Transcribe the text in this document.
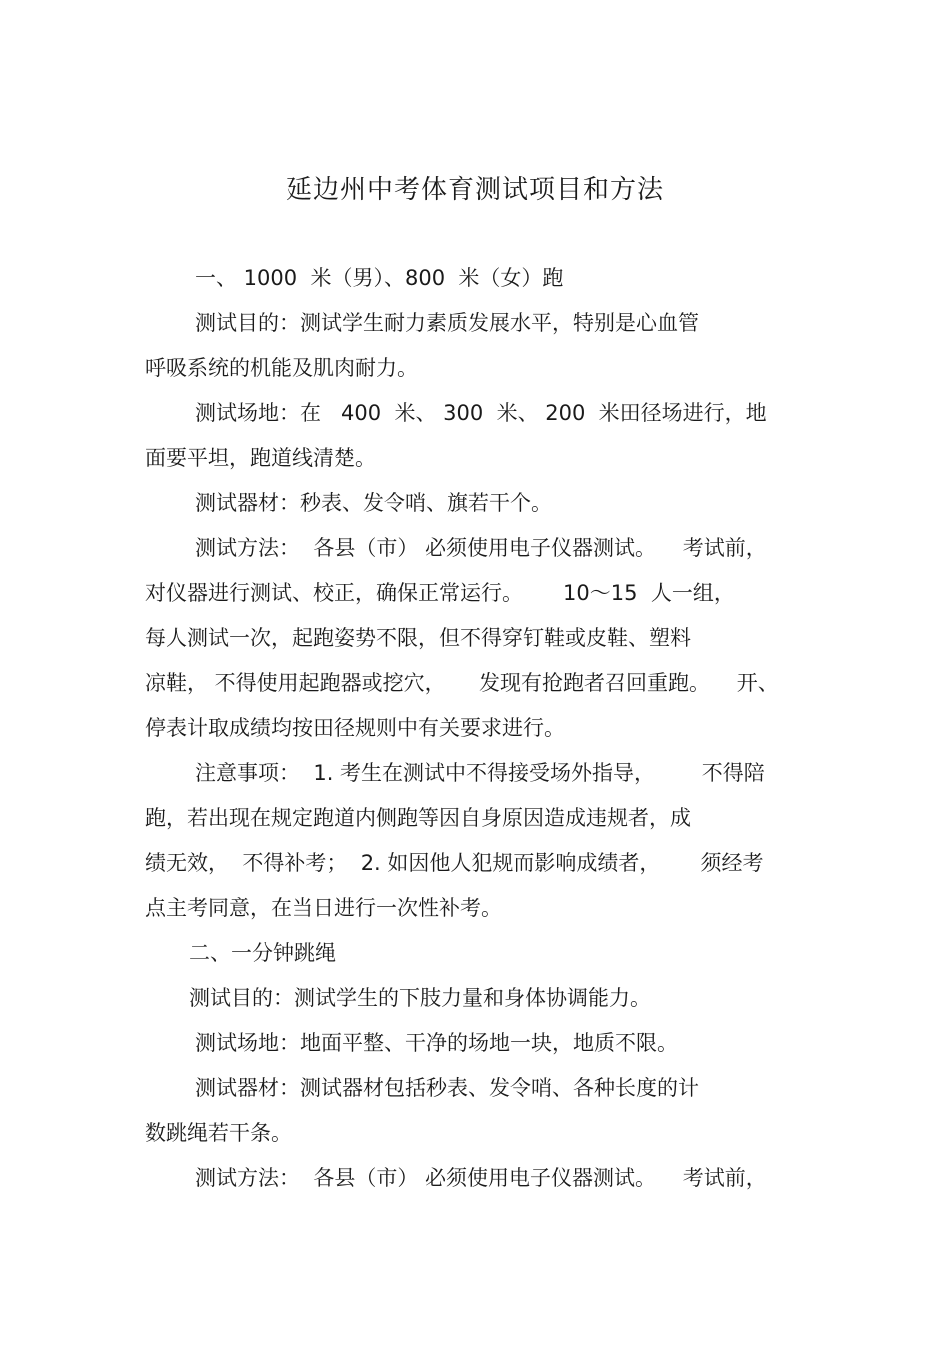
延边州中考体育测试项目和方法
一、 1000  米（男）、800  米（女）跑
测试目的：测试学生耐力素质发展水平，特别是心血管
呼吸系统的机能及肌肉耐力。
测试场地：在   400  米、 300  米、 200  米田径场进行，地
面要平坦，跑道线清楚。
测试器材：秒表、发令哨、旗若干个。
测试方法：  各县（市） 必须使用电子仪器测试。    考试前，
对仪器进行测试、校正，确保正常运行。      10～15  人一组，
每人测试一次，起跑姿势不限，但不得穿钉鞋或皮鞋、塑料
凉鞋， 不得使用起跑器或挖穴，     发现有抢跑者召回重跑。    开、
停表计取成绩均按田径规则中有关要求进行。
注意事项：  1. 考生在测试中不得接受场外指导，       不得陪
跑，若出现在规定跑道内侧跑等因自身原因造成违规者，成
绩无效，  不得补考；  2. 如因他人犯规而影响成绩者，      须经考
点主考同意，在当日进行一次性补考。
二、一分钟跳绳
测试目的：测试学生的下肢力量和身体协调能力。
测试场地：地面平整、干净的场地一块，地质不限。
测试器材：测试器材包括秒表、发令哨、各种长度的计
数跳绳若干条。
测试方法：  各县（市） 必须使用电子仪器测试。    考试前，
